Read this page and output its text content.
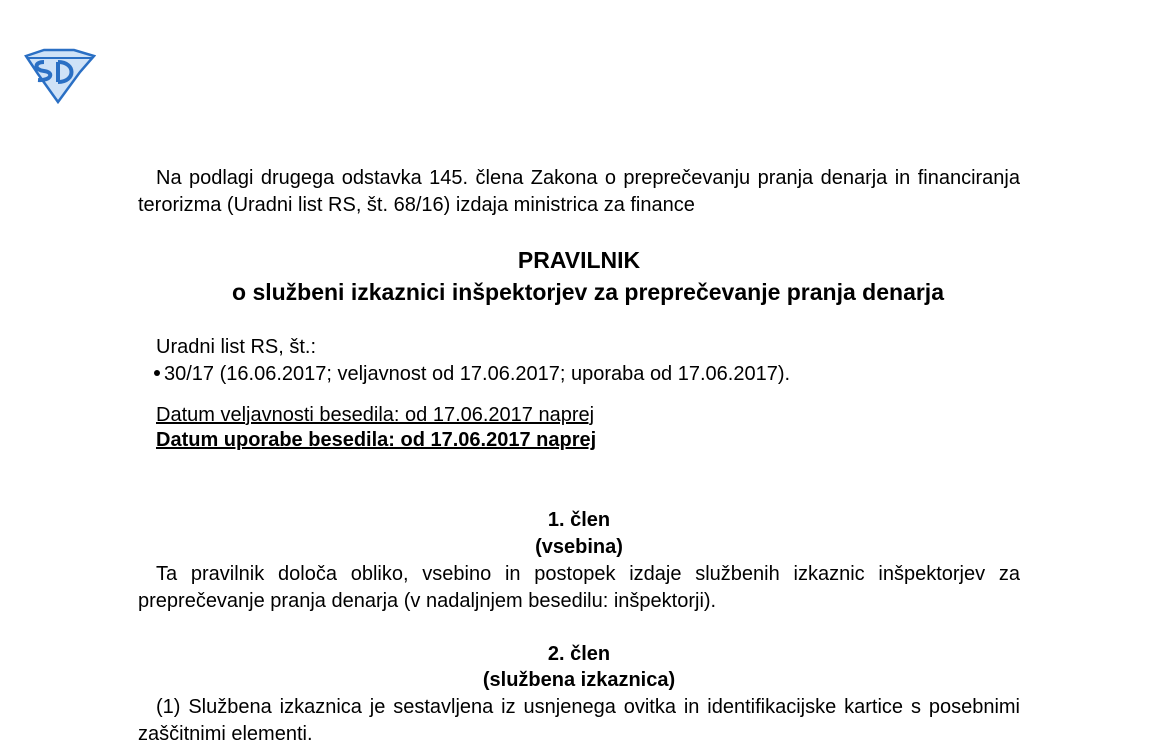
Na podlagi drugega odstavka 145. člena Zakona o preprečevanju pranja denarja in financiranja terorizma (Uradni list RS, št. 68/16) izdaja ministrica za finance

PRAVILNIK

o službeni izkaznici inšpektorjev za preprečevanje pranja denarja

Uradni list RS, št.:

30/17 (16.06.2017; veljavnost od 17.06.2017; uporaba od 17.06.2017).

Datum veljavnosti besedila: od 17.06.2017 naprej

Datum uporabe besedila: od 17.06.2017 naprej

1. člen

(vsebina)

Ta pravilnik določa obliko, vsebino in postopek izdaje službenih izkaznic inšpektorjev za preprečevanje pranja denarja (v nadaljnjem besedilu: inšpektorji).

2. člen

(službena izkaznica)

(1) Službena izkaznica je sestavljena iz usnjenega ovitka in identifikacijske kartice s posebnimi zaščitnimi elementi.
